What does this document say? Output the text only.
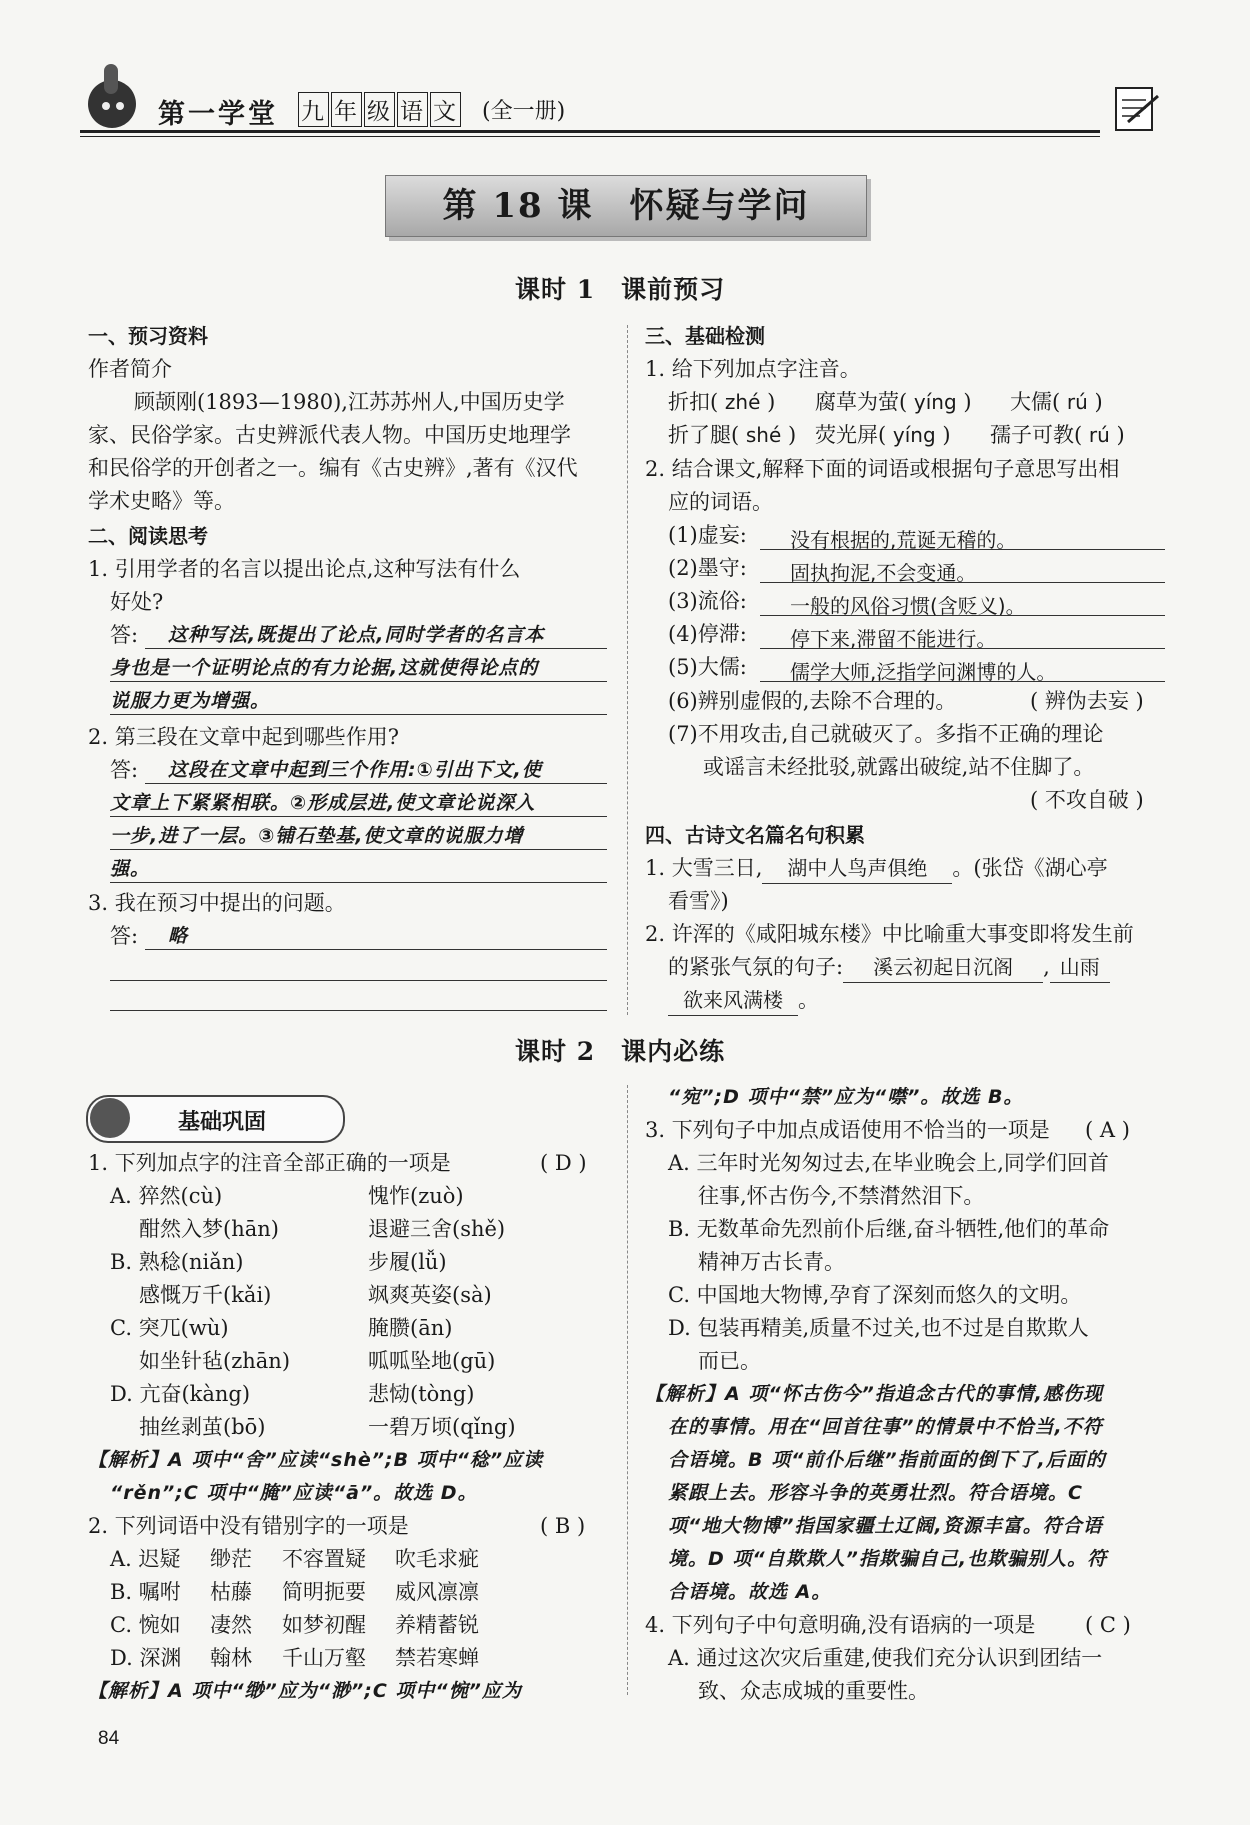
第一学堂 九 年 级 语 文 (全一册)
第 18 课　怀疑与学问
课时 1　课前预习
一、预习资料
作者简介
顾颉刚(1893—1980),江苏苏州人,中国历史学
家、民俗学家。古史辨派代表人物。中国历史地理学
和民俗学的开创者之一。编有《古史辨》,著有《汉代
学术史略》等。
二、阅读思考
1. 引用学者的名言以提出论点,这种写法有什么
好处?
答: 这种写法,既提出了论点,同时学者的名言本
身也是一个证明论点的有力论据,这就使得论点的
说服力更为增强。
2. 第三段在文章中起到哪些作用?
答: 这段在文章中起到三个作用:①引出下文,使
文章上下紧紧相联。②形成层进,使文章论说深入
一步,进了一层。③铺石垫基,使文章的说服力增
强。
3. 我在预习中提出的问题。
答: 略
三、基础检测
1. 给下列加点字注音。
折扣( zhé ) 腐草为萤( yíng ) 大儒( rú )
折了腿( shé ) 荧光屏( yíng ) 孺子可教( rú )
2. 结合课文,解释下面的词语或根据句子意思写出相
应的词语。
(1)虚妄: 没有根据的,荒诞无稽的。
(2)墨守: 固执拘泥,不会变通。
(3)流俗: 一般的风俗习惯(含贬义)。
(4)停滞: 停下来,滞留不能进行。
(5)大儒: 儒学大师,泛指学问渊博的人。
(6)辨别虚假的,去除不合理的。	( 辨伪去妄 )
(7)不用攻击,自己就破灭了。多指不正确的理论
或谣言未经批驳,就露出破绽,站不住脚了。
( 不攻自破 )
四、古诗文名篇名句积累
1. 大雪三日, 湖中人鸟声俱绝 。(张岱《湖心亭
看雪》)
2. 许浑的《咸阳城东楼》中比喻重大事变即将发生前
的紧张气氛的句子: 溪云初起日沉阁 , 山雨
欲来风满楼 。
课时 2　课内必练
基础巩固
1. 下列加点字的注音全部正确的一项是	( D )
A. 猝然(cù)	愧怍(zuò)
酣然入梦(hān)	退避三舍(shě)
B. 熟稔(niǎn)	步履(lǚ)
感慨万千(kǎi)	飒爽英姿(sà)
C. 突兀(wù)	腌臜(ān)
如坐针毡(zhān)	呱呱坠地(gū)
D. 亢奋(kàng)	悲恸(tòng)
抽丝剥茧(bō)	一碧万顷(qǐng)
【解析】A 项中“舍”应读“shè”;B 项中“稔”应读
“rěn”;C 项中“腌”应读“ā”。故选 D。
2. 下列词语中没有错别字的一项是	( B )
A. 迟疑 缈茫 不容置疑 吹毛求疵
B. 嘱咐 枯藤 简明扼要 威风凛凛
C. 惋如 凄然 如梦初醒 养精蓄锐
D. 深渊 翰林 千山万壑 禁若寒蝉
【解析】A 项中“缈”应为“渺”;C 项中“惋”应为
“宛”;D 项中“禁”应为“噤”。故选 B。
3. 下列句子中加点成语使用不恰当的一项是 ( A )
A. 三年时光匆匆过去,在毕业晚会上,同学们回首
往事,怀古伤今,不禁潸然泪下。
B. 无数革命先烈前仆后继,奋斗牺牲,他们的革命
精神万古长青。
C. 中国地大物博,孕育了深刻而悠久的文明。
D. 包装再精美,质量不过关,也不过是自欺欺人
而已。
【解析】A 项“怀古伤今”指追念古代的事情,感伤现
在的事情。用在“回首往事”的情景中不恰当,不符
合语境。B 项“前仆后继”指前面的倒下了,后面的
紧跟上去。形容斗争的英勇壮烈。符合语境。C
项“地大物博”指国家疆土辽阔,资源丰富。符合语
境。D 项“自欺欺人”指欺骗自己,也欺骗别人。符
合语境。故选 A。
4. 下列句子中句意明确,没有语病的一项是 ( C )
A. 通过这次灾后重建,使我们充分认识到团结一
致、众志成城的重要性。
84
